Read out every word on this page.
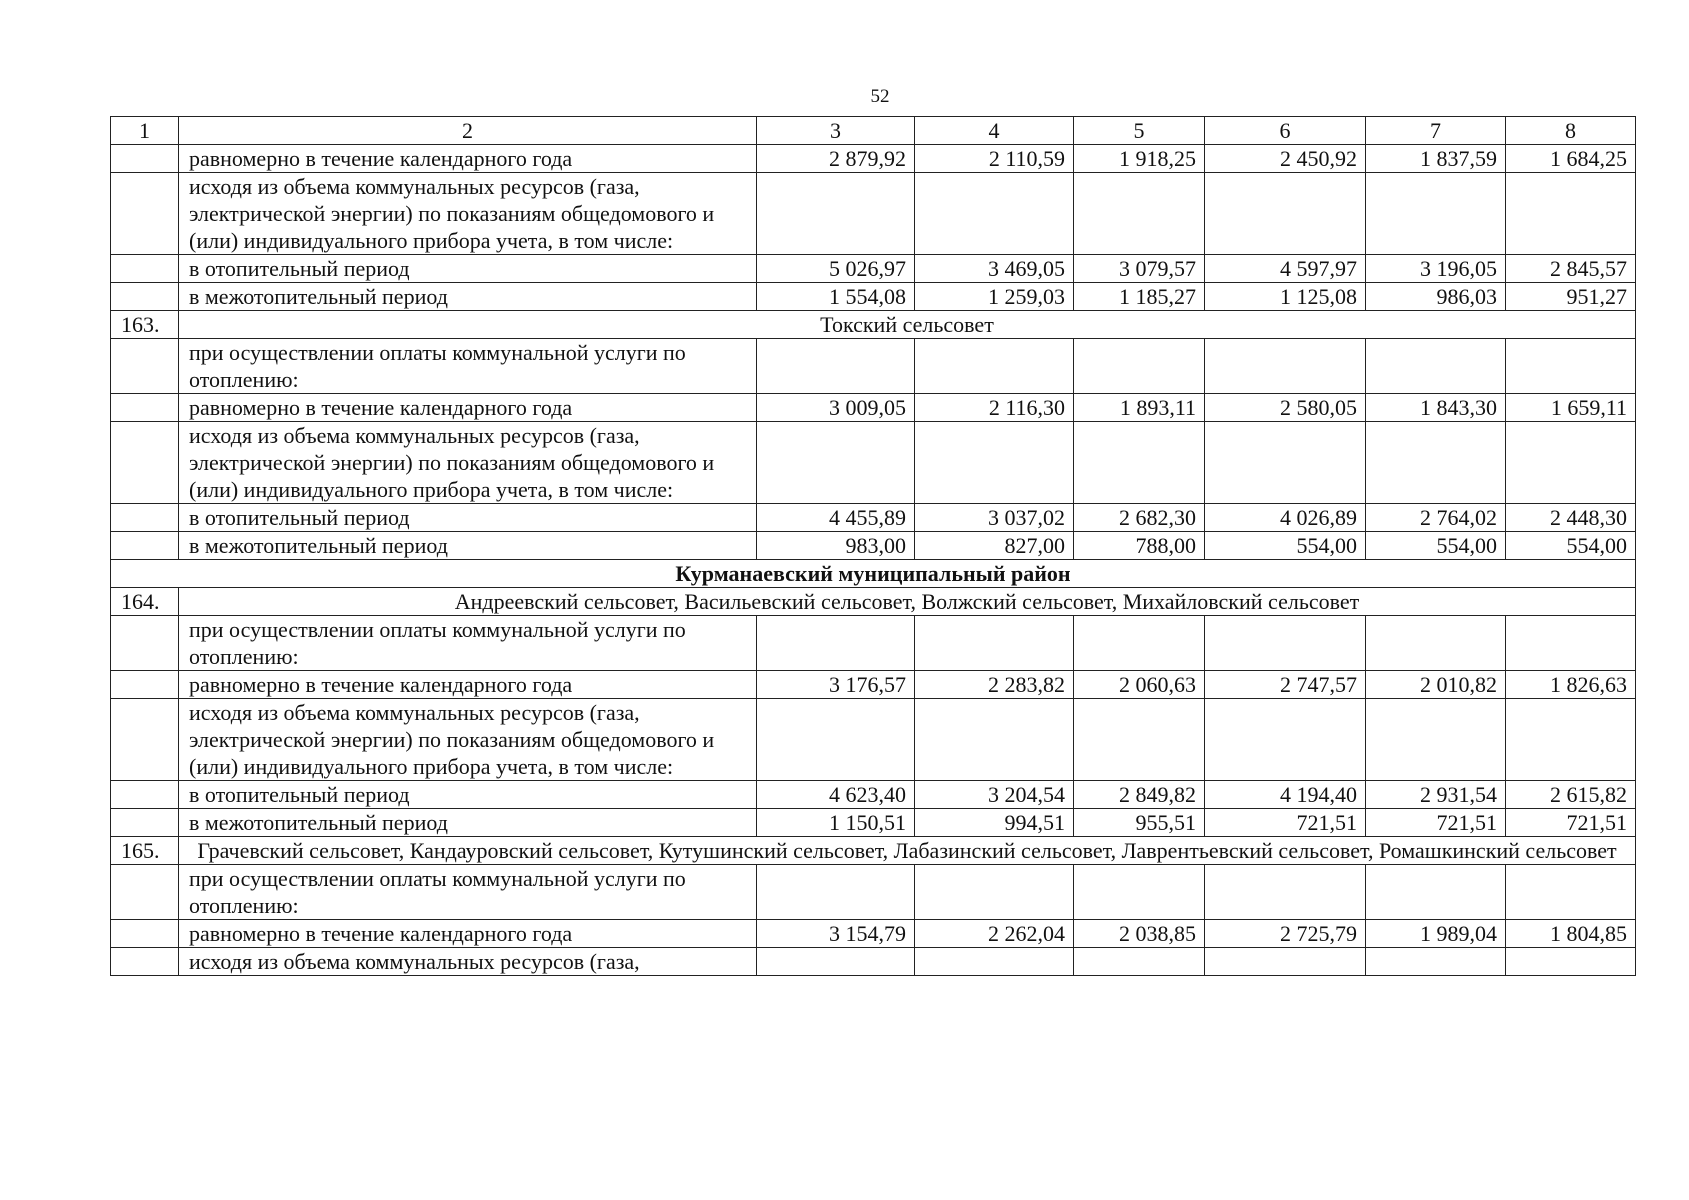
52
1	2	3	4	5	6	7	8
	равномерно в течение календарного года	2 879,92	2 110,59	1 918,25	2 450,92	1 837,59	1 684,25
	исходя из объема коммунальных ресурсов (газа, электрической энергии) по показаниям общедомового и (или) индивидуального прибора учета, в том числе:						
	в отопительный период	5 026,97	3 469,05	3 079,57	4 597,97	3 196,05	2 845,57
	в межотопительный период	1 554,08	1 259,03	1 185,27	1 125,08	986,03	951,27
163.	Токский сельсовет						
	при осуществлении оплаты коммунальной услуги по отоплению:						
	равномерно в течение календарного года	3 009,05	2 116,30	1 893,11	2 580,05	1 843,30	1 659,11
	исходя из объема коммунальных ресурсов (газа, электрической энергии) по показаниям общедомового и (или) индивидуального прибора учета, в том числе:						
	в отопительный период	4 455,89	3 037,02	2 682,30	4 026,89	2 764,02	2 448,30
	в межотопительный период	983,00	827,00	788,00	554,00	554,00	554,00
Курманаевский муниципальный район							
164.	Андреевский сельсовет, Васильевский сельсовет, Волжский сельсовет, Михайловский сельсовет						
	при осуществлении оплаты коммунальной услуги по отоплению:						
	равномерно в течение календарного года	3 176,57	2 283,82	2 060,63	2 747,57	2 010,82	1 826,63
	исходя из объема коммунальных ресурсов (газа, электрической энергии) по показаниям общедомового и (или) индивидуального прибора учета, в том числе:						
	в отопительный период	4 623,40	3 204,54	2 849,82	4 194,40	2 931,54	2 615,82
	в межотопительный период	1 150,51	994,51	955,51	721,51	721,51	721,51
165.	Грачевский сельсовет, Кандауровский сельсовет, Кутушинский сельсовет, Лабазинский сельсовет, Лаврентьевский сельсовет, Ромашкинский сельсовет						
	при осуществлении оплаты коммунальной услуги по отоплению:						
	равномерно в течение календарного года	3 154,79	2 262,04	2 038,85	2 725,79	1 989,04	1 804,85
	исходя из объема коммунальных ресурсов (газа,						
